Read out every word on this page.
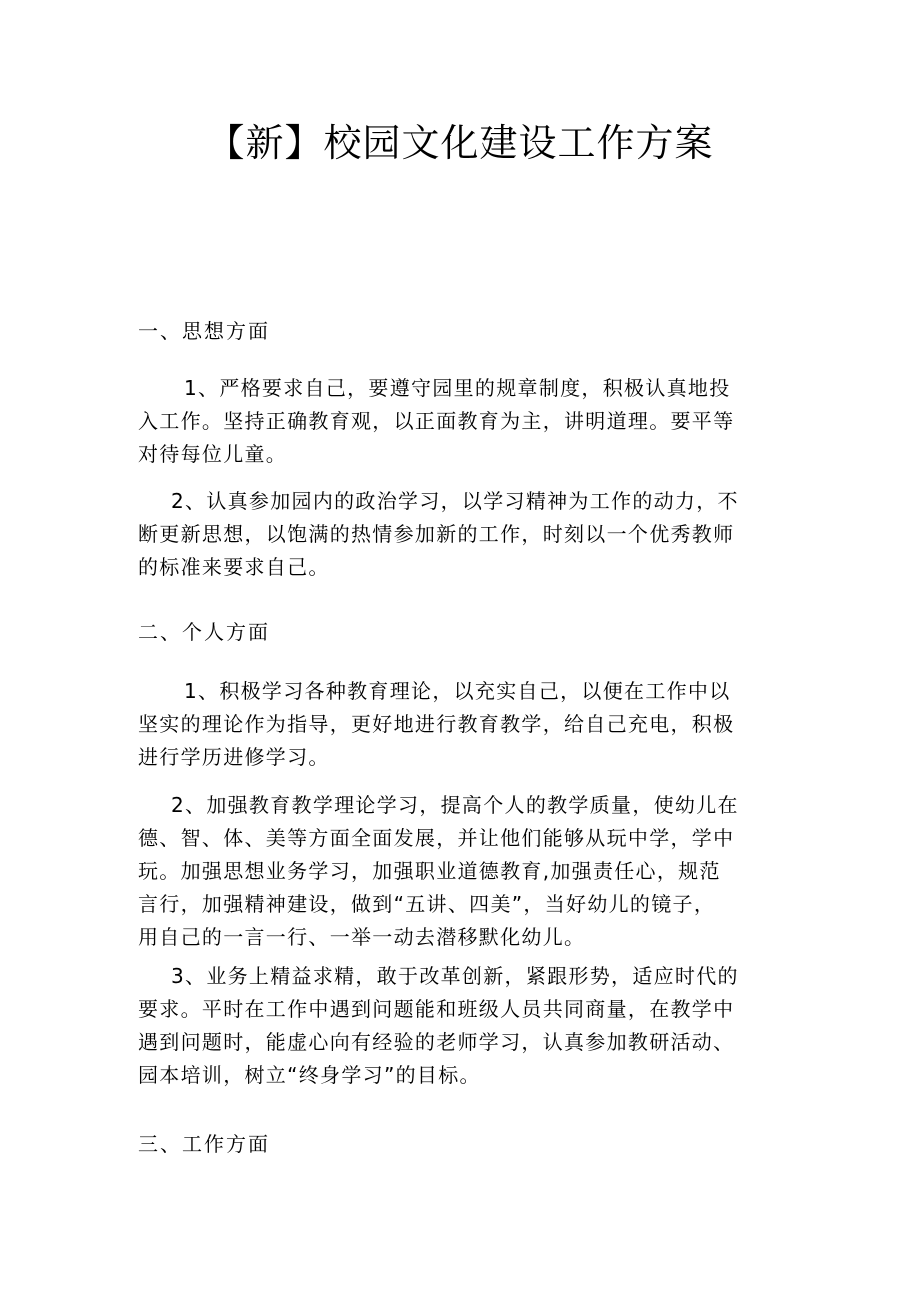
【新】校园文化建设工作方案
一、思想方面

1、严格要求自己，要遵守园里的规章制度，积极认真地投
入工作。坚持正确教育观，以正面教育为主，讲明道理。要平等
对待每位儿童。

2、认真参加园内的政治学习，以学习精神为工作的动力，不
断更新思想，以饱满的热情参加新的工作，时刻以一个优秀教师
的标准来要求自己。

二、个人方面

1、积极学习各种教育理论，以充实自己，以便在工作中以
坚实的理论作为指导，更好地进行教育教学，给自己充电，积极
进行学历进修学习。

2、加强教育教学理论学习，提高个人的教学质量，使幼儿在
德、智、体、美等方面全面发展，并让他们能够从玩中学，学中
玩。加强思想业务学习，加强职业道德教育,加强责任心，规范
言行，加强精神建设，做到“五讲、四美”，当好幼儿的镜子，
用自己的一言一行、一举一动去潜移默化幼儿。

3、业务上精益求精，敢于改革创新，紧跟形势，适应时代的
要求。平时在工作中遇到问题能和班级人员共同商量，在教学中
遇到问题时，能虚心向有经验的老师学习，认真参加教研活动、
园本培训，树立“终身学习”的目标。

三、工作方面
